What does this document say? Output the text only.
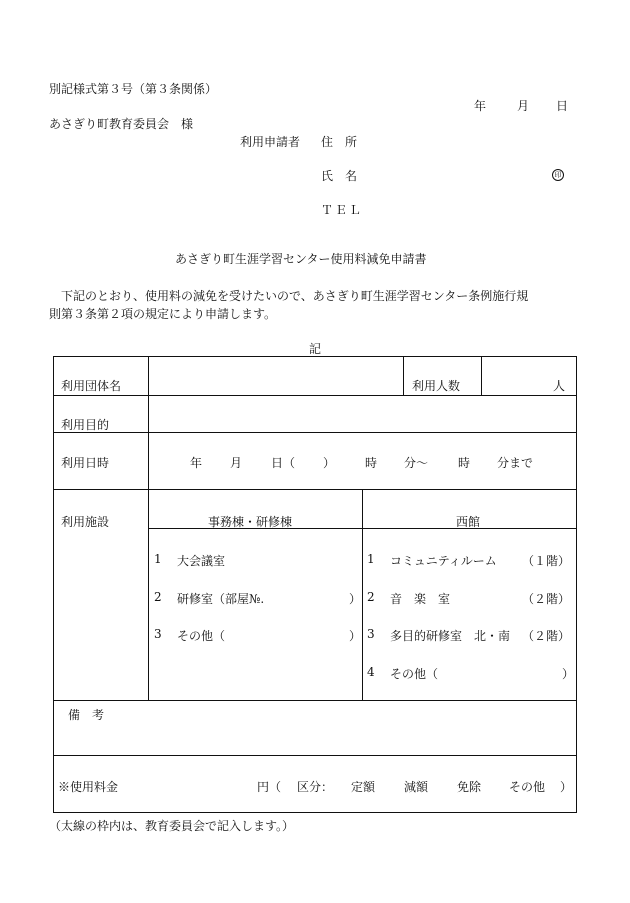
別記様式第３号（第３条関係）
年	月 日
あさぎり町教育委員会　様
利用申請者 住　所
氏　名	印
ＴＥＬ
あさぎり町生涯学習センター使用料減免申請書
下記のとおり、使用料の減免を受けたいので、あさぎり町生涯学習センター条例施行規
則第３条第２項の規定により申請します。
記
利用団体名	利用人数	人
利用目的
利用日時	年 月 日（ ） 時 分～ 時 分まで
利用施設	事務棟・研修棟	西館
1 大会議室
2 研修室（部屋№.	）
3 その他（	）
1 コミュニティルーム （１階）
2 音　楽　室	（２階）
3 多目的研修室　北・南 （２階）
4 その他（	）
備　考
※使用料金	円（ 区分： 定額 減額 免除 その他 ）
（太線の枠内は、教育委員会で記入します。）
